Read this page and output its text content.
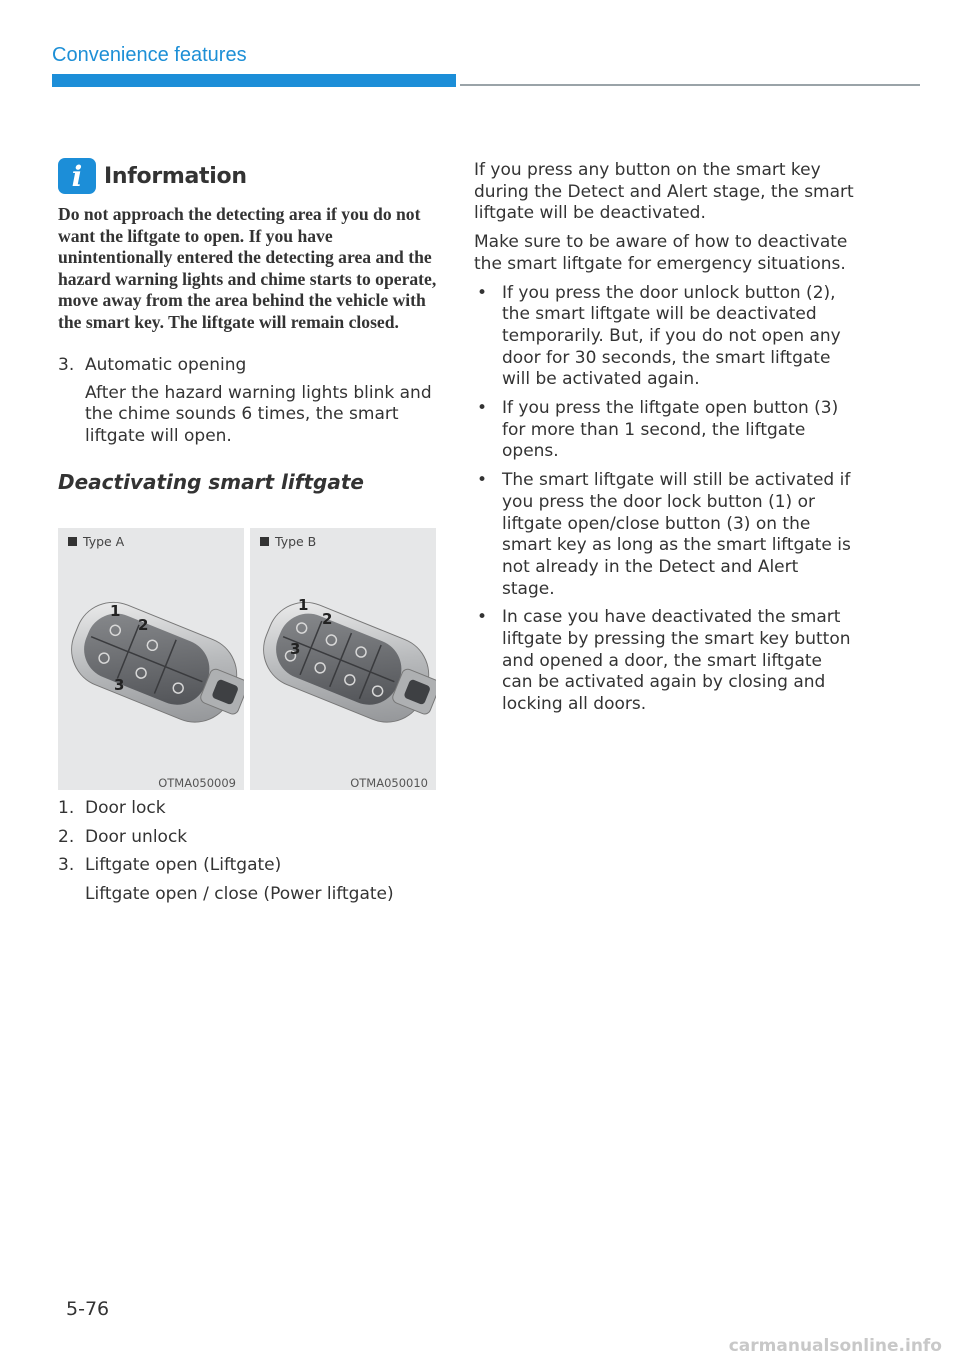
Convenience features
i Information
Do not approach the detecting area if you do not want the liftgate to open. If you have unintentionally entered the detecting area and the hazard warning lights and chime starts to operate, move away from the area behind the vehicle with the smart key. The liftgate will remain closed.
3. Automatic opening
After the hazard warning lights blink and the chime sounds 6 times, the smart liftgate will open.
Deactivating smart liftgate
Type A
1
2
3
OTMA050009
Type B
1
2
3
OTMA050010
1. Door lock
2. Door unlock
3. Liftgate open (Liftgate)
Liftgate open / close (Power liftgate)
If you press any button on the smart key during the Detect and Alert stage, the smart liftgate will be deactivated.
Make sure to be aware of how to deactivate the smart liftgate for emergency situations.
• If you press the door unlock button (2), the smart liftgate will be deactivated temporarily. But, if you do not open any door for 30 seconds, the smart liftgate will be activated again.
• If you press the liftgate open button (3) for more than 1 second, the liftgate opens.
• The smart liftgate will still be activated if you press the door lock button (1) or liftgate open/close button (3) on the smart key as long as the smart liftgate is not already in the Detect and Alert stage.
• In case you have deactivated the smart liftgate by pressing the smart key button and opened a door, the smart liftgate can be activated again by closing and locking all doors.
5-76
carmanualsonline.info
